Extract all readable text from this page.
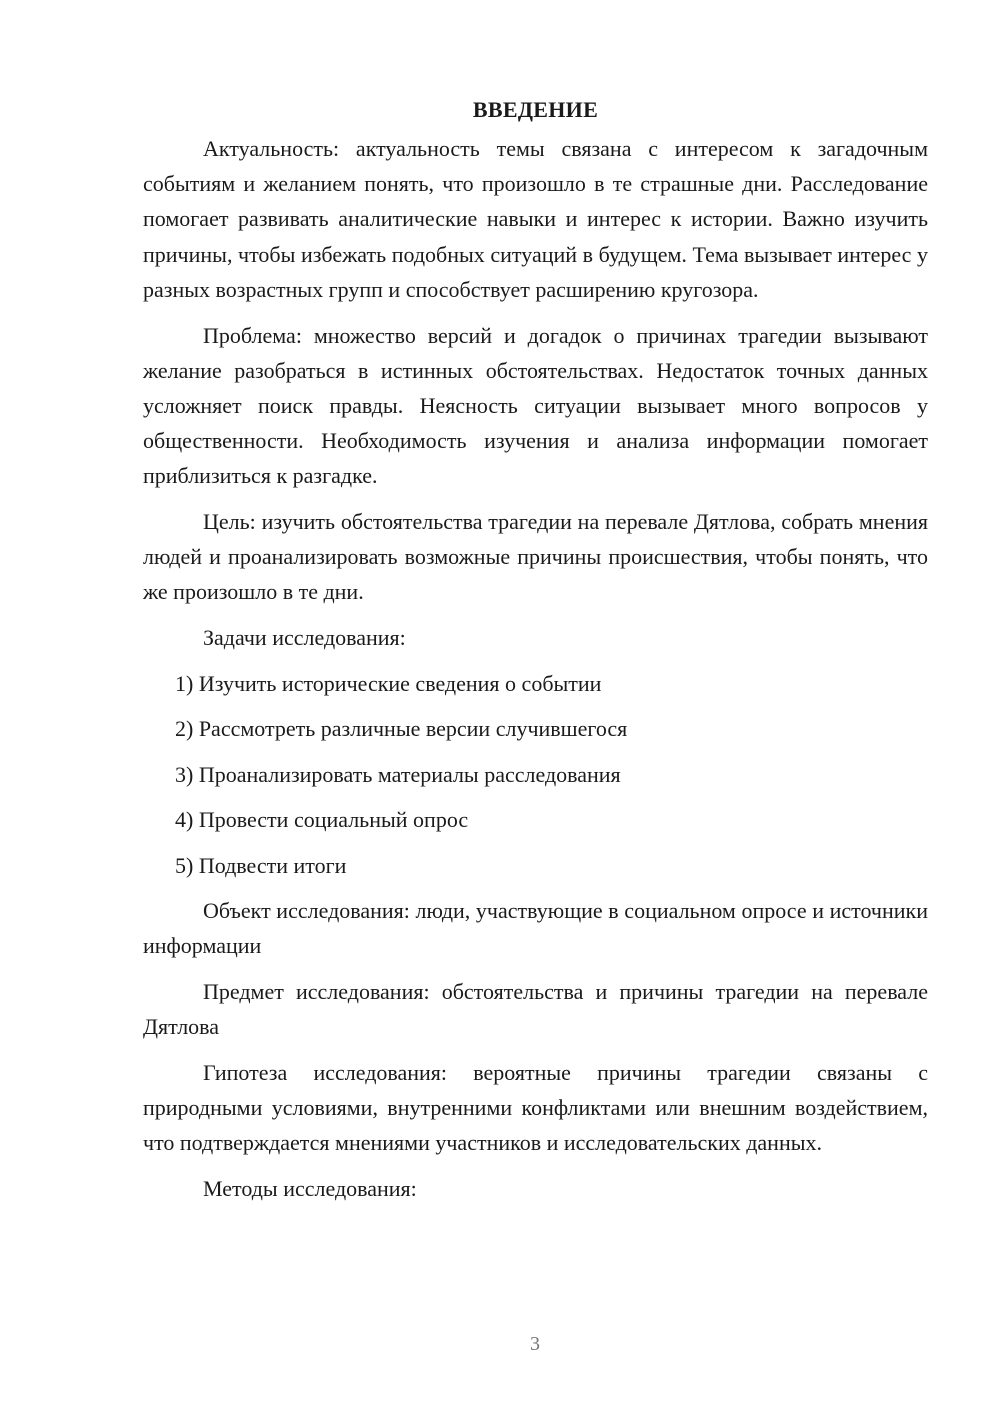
ВВЕДЕНИЕ

Актуальность: актуальность темы связана с интересом к загадочным событиям и желанием понять, что произошло в те страшные дни. Расследование помогает развивать аналитические навыки и интерес к истории. Важно изучить причины, чтобы избежать подобных ситуаций в будущем. Тема вызывает интерес у разных возрастных групп и способствует расширению кругозора.

Проблема: множество версий и догадок о причинах трагедии вызывают желание разобраться в истинных обстоятельствах. Недостаток точных данных усложняет поиск правды. Неясность ситуации вызывает много вопросов у общественности. Необходимость изучения и анализа информации помогает приблизиться к разгадке.

Цель: изучить обстоятельства трагедии на перевале Дятлова, собрать мнения людей и проанализировать возможные причины происшествия, чтобы понять, что же произошло в те дни.

Задачи исследования:
1) Изучить исторические сведения о событии
2) Рассмотреть различные версии случившегося
3) Проанализировать материалы расследования
4) Провести социальный опрос
5) Подвести итоги

Объект исследования: люди, участвующие в социальном опросе и источники информации

Предмет исследования: обстоятельства и причины трагедии на перевале Дятлова

Гипотеза исследования: вероятные причины трагедии связаны с природными условиями, внутренними конфликтами или внешним воздействием, что подтверждается мнениями участников и исследовательских данных.

Методы исследования:
3
